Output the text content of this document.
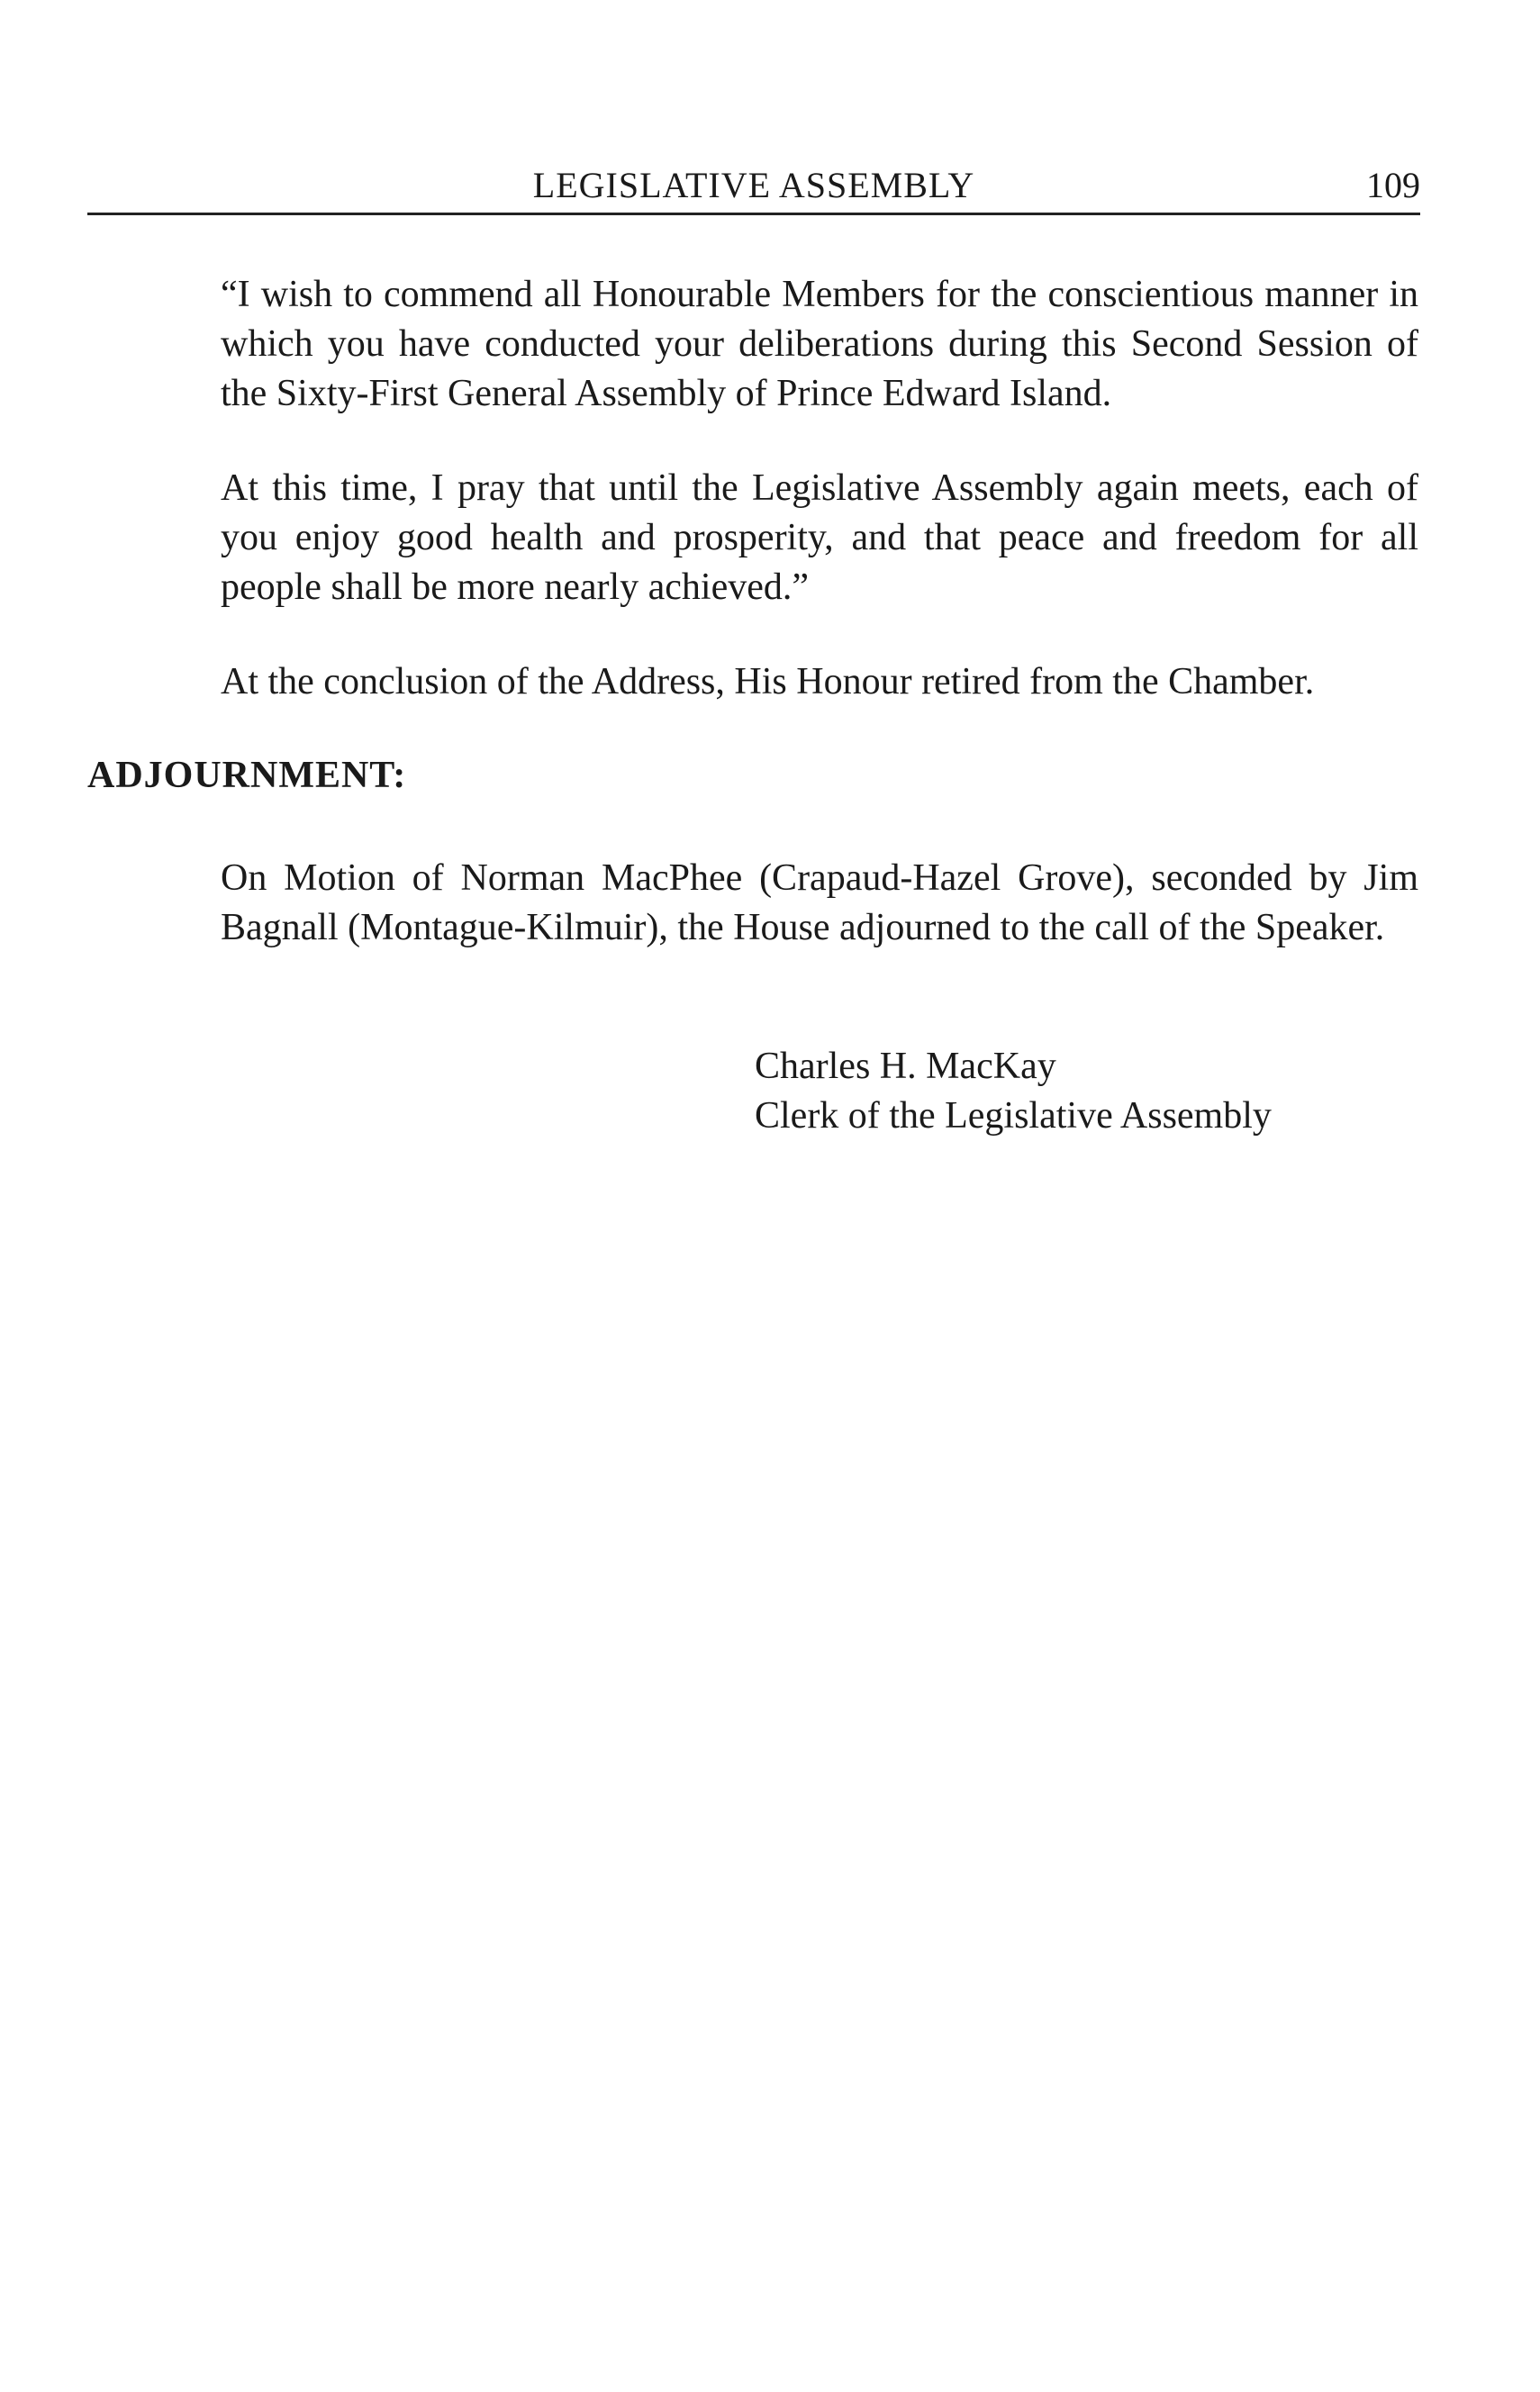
LEGISLATIVE ASSEMBLY	109

“I wish to commend all Honourable Members for the conscientious manner in which you have conducted your deliberations during this Second Session of the Sixty-First General Assembly of Prince Edward Island.

At this time, I pray that until the Legislative Assembly again meets, each of you enjoy good health and prosperity, and that peace and freedom for all people shall be more nearly achieved.”

At the conclusion of the Address, His Honour retired from the Chamber.

ADJOURNMENT:

On Motion of Norman MacPhee (Crapaud-Hazel Grove), seconded by Jim Bagnall (Montague-Kilmuir), the House adjourned to the call of the Speaker.

Charles H. MacKay
Clerk of the Legislative Assembly
